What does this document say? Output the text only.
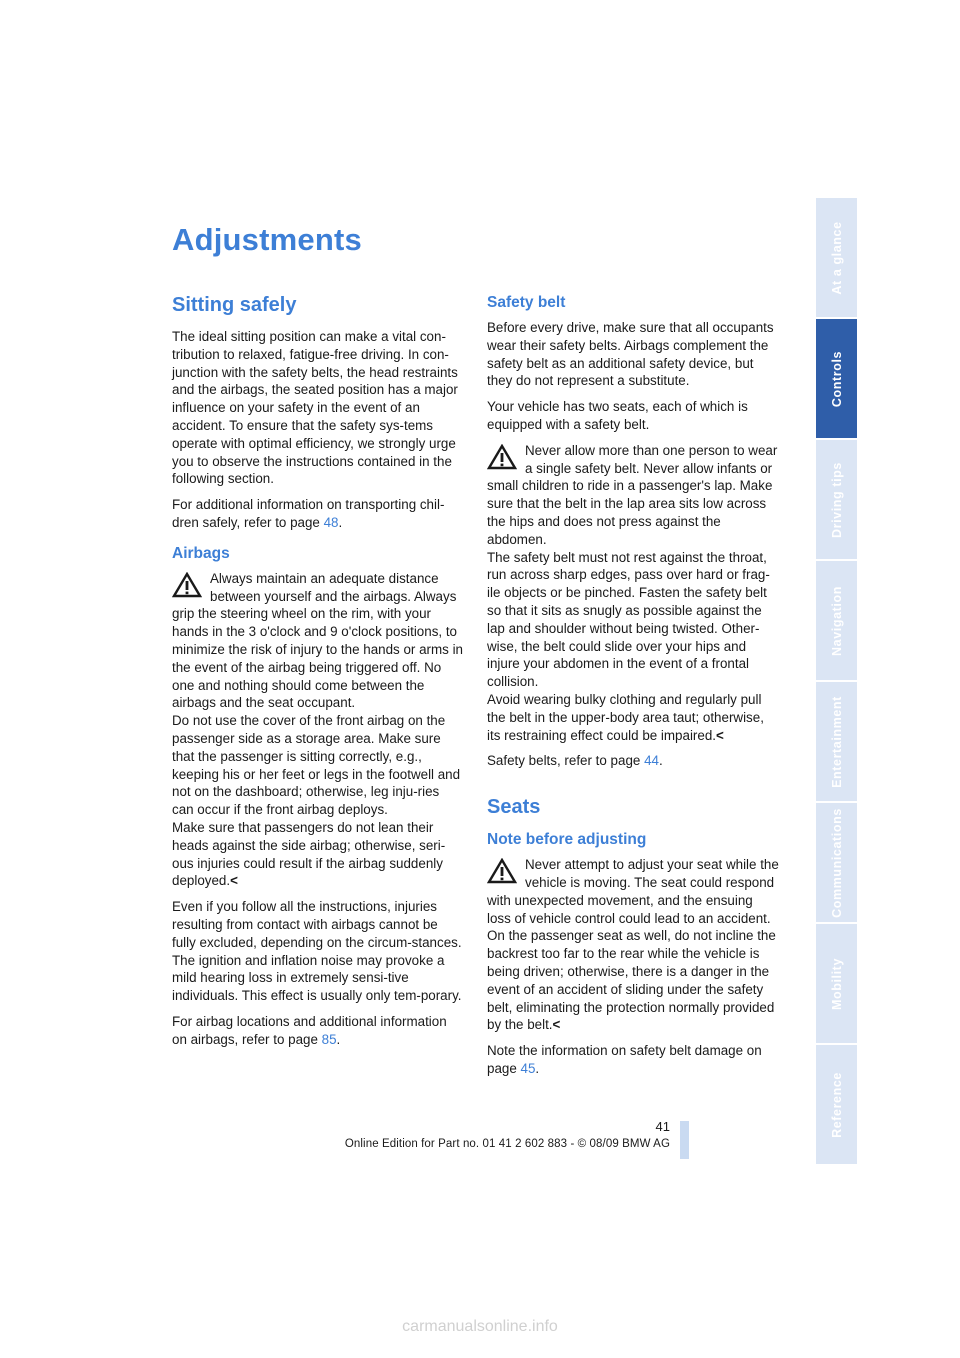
Adjustments
Sitting safely

The ideal sitting position can make a vital con-tribution to relaxed, fatigue-free driving. In con-junction with the safety belts, the head restraints and the airbags, the seated position has a major influence on your safety in the event of an accident. To ensure that the safety sys-tems operate with optimal efficiency, we strongly urge you to observe the instructions contained in the following section.

For additional information on transporting chil-dren safely, refer to page 48.

Airbags

Always maintain an adequate distance between yourself and the airbags. Always grip the steering wheel on the rim, with your hands in the 3 o'clock and 9 o'clock positions, to minimize the risk of injury to the hands or arms in the event of the airbag being triggered off. No one and nothing should come between the airbags and the seat occupant.

Do not use the cover of the front airbag on the passenger side as a storage area. Make sure that the passenger is sitting correctly, e.g., keeping his or her feet or legs in the footwell and not on the dashboard; otherwise, leg inju-ries can occur if the front airbag deploys.

Make sure that passengers do not lean their heads against the side airbag; otherwise, seri-ous injuries could result if the airbag suddenly deployed.<

Even if you follow all the instructions, injuries resulting from contact with airbags cannot be fully excluded, depending on the circum-stances. The ignition and inflation noise may provoke a mild hearing loss in extremely sensi-tive individuals. This effect is usually only tem-porary.

For airbag locations and additional information on airbags, refer to page 85.

Safety belt

Before every drive, make sure that all occupants wear their safety belts. Airbags complement the safety belt as an additional safety device, but they do not represent a substitute.

Your vehicle has two seats, each of which is equipped with a safety belt.

Never allow more than one person to wear a single safety belt. Never allow infants or small children to ride in a passenger's lap. Make sure that the belt in the lap area sits low across the hips and does not press against the abdomen.

The safety belt must not rest against the throat, run across sharp edges, pass over hard or frag-ile objects or be pinched. Fasten the safety belt so that it sits as snugly as possible against the lap and shoulder without being twisted. Other-wise, the belt could slide over your hips and injure your abdomen in the event of a frontal collision.

Avoid wearing bulky clothing and regularly pull the belt in the upper-body area taut; otherwise, its restraining effect could be impaired.<

Safety belts, refer to page 44.

Seats
Note before adjusting

Never attempt to adjust your seat while the vehicle is moving. The seat could respond with unexpected movement, and the ensuing loss of vehicle control could lead to an accident.

On the passenger seat as well, do not incline the backrest too far to the rear while the vehicle is being driven; otherwise, there is a danger in the event of an accident of sliding under the safety belt, eliminating the protection normally provided by the belt.<

Note the information on safety belt damage on page 45.

At a glance
Controls
Driving tips
Navigation
Entertainment
Communications
Mobility
Reference
41
Online Edition for Part no. 01 41 2 602 883 - © 08/09 BMW AG
carmanualsonline.info
